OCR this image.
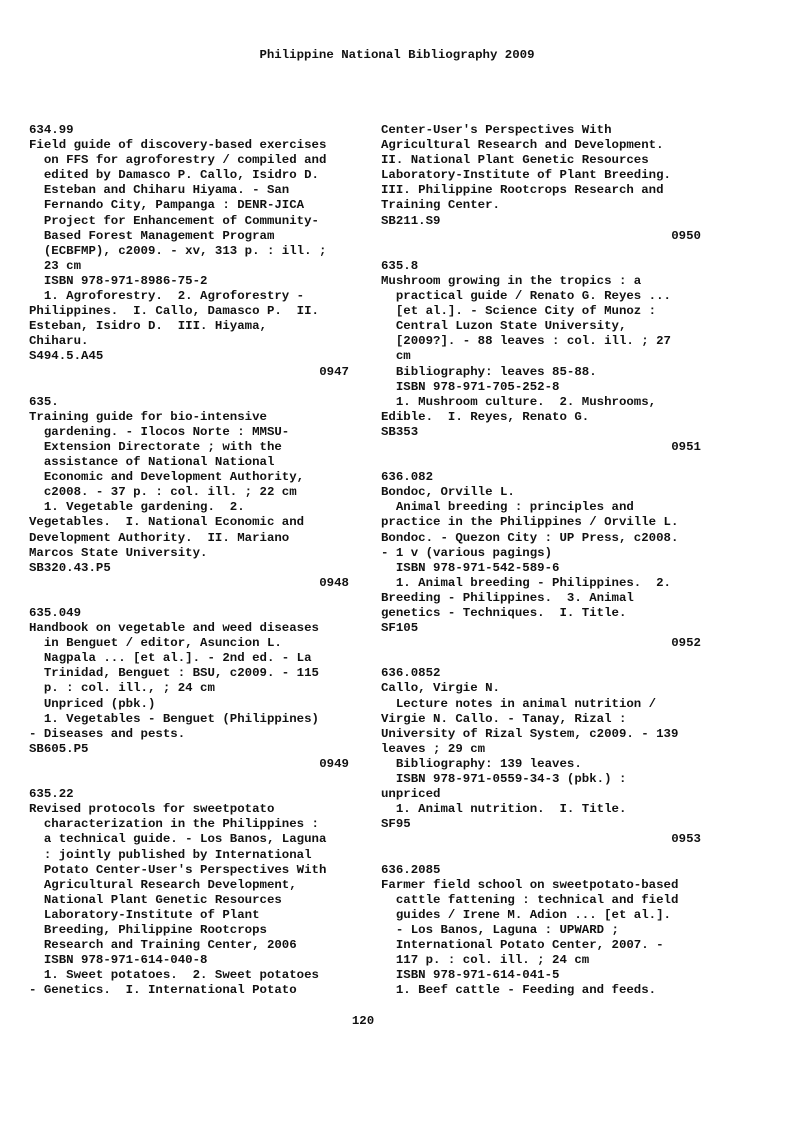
Philippine National Bibliography 2009
634.99
Field guide of discovery-based exercises
on FFS for agroforestry / compiled and
edited by Damasco P. Callo, Isidro D.
Esteban and Chiharu Hiyama. - San
Fernando City, Pampanga : DENR-JICA
Project for Enhancement of Community-
Based Forest Management Program
(ECBFMP), c2009. - xv, 313 p. : ill. ;
23 cm
ISBN 978-971-8986-75-2
1. Agroforestry.  2. Agroforestry -
Philippines.  I. Callo, Damasco P.  II.
Esteban, Isidro D.  III. Hiyama,
Chiharu.
S494.5.A45
0947
635.
Training guide for bio-intensive
gardening. - Ilocos Norte : MMSU-
Extension Directorate ; with the
assistance of National National
Economic and Development Authority,
c2008. - 37 p. : col. ill. ; 22 cm
1. Vegetable gardening.  2.
Vegetables.  I. National Economic and
Development Authority.  II. Mariano
Marcos State University.
SB320.43.P5
0948
635.049
Handbook on vegetable and weed diseases
in Benguet / editor, Asuncion L.
Nagpala ... [et al.]. - 2nd ed. - La
Trinidad, Benguet : BSU, c2009. - 115
p. : col. ill., ; 24 cm
Unpriced (pbk.)
1. Vegetables - Benguet (Philippines)
- Diseases and pests.
SB605.P5
0949
635.22
Revised protocols for sweetpotato
characterization in the Philippines :
a technical guide. - Los Banos, Laguna
: jointly published by International
Potato Center-User's Perspectives With
Agricultural Research Development,
National Plant Genetic Resources
Laboratory-Institute of Plant
Breeding, Philippine Rootcrops
Research and Training Center, 2006
ISBN 978-971-614-040-8
1. Sweet potatoes.  2. Sweet potatoes
- Genetics.  I. International Potato
Center-User's Perspectives With
Agricultural Research and Development.
II. National Plant Genetic Resources
Laboratory-Institute of Plant Breeding.
III. Philippine Rootcrops Research and
Training Center.
SB211.S9
0950
635.8
Mushroom growing in the tropics : a
practical guide / Renato G. Reyes ...
[et al.]. - Science City of Munoz :
Central Luzon State University,
[2009?]. - 88 leaves : col. ill. ; 27
cm
Bibliography: leaves 85-88.
ISBN 978-971-705-252-8
1. Mushroom culture.  2. Mushrooms,
Edible.  I. Reyes, Renato G.
SB353
0951
636.082
Bondoc, Orville L.
Animal breeding : principles and
practice in the Philippines / Orville L.
Bondoc. - Quezon City : UP Press, c2008.
- 1 v (various pagings)
ISBN 978-971-542-589-6
1. Animal breeding - Philippines.  2.
Breeding - Philippines.  3. Animal
genetics - Techniques.  I. Title.
SF105
0952
636.0852
Callo, Virgie N.
Lecture notes in animal nutrition /
Virgie N. Callo. - Tanay, Rizal :
University of Rizal System, c2009. - 139
leaves ; 29 cm
Bibliography: 139 leaves.
ISBN 978-971-0559-34-3 (pbk.) :
unpriced
1. Animal nutrition.  I. Title.
SF95
0953
636.2085
Farmer field school on sweetpotato-based
cattle fattening : technical and field
guides / Irene M. Adion ... [et al.].
- Los Banos, Laguna : UPWARD ;
International Potato Center, 2007. -
117 p. : col. ill. ; 24 cm
ISBN 978-971-614-041-5
1. Beef cattle - Feeding and feeds.
120
